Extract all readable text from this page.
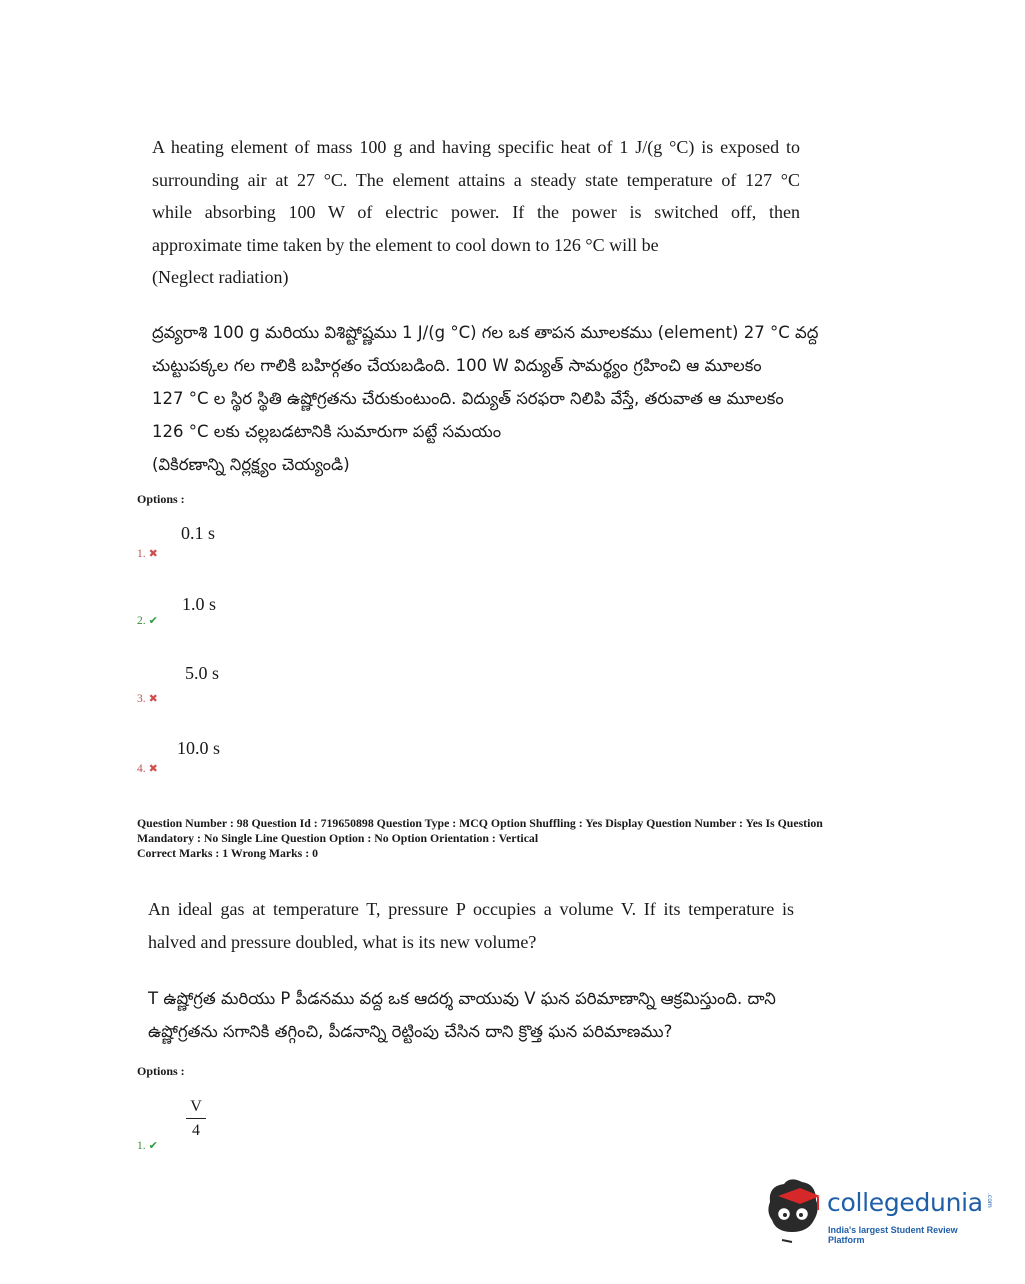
A heating element of mass 100 g and having specific heat of 1 J/(g °C) is exposed to
surrounding air at 27 °C. The element attains a steady state temperature of 127 °C
while absorbing 100 W of electric power. If the power is switched off, then
approximate time taken by the element to cool down to 126 °C will be
(Neglect radiation)
ద్రవ్యరాశి 100 g మరియు విశిష్టోష్ణము 1 J/(g °C) గల ఒక తాపన మూలకము (element) 27 °C వద్ద
చుట్టుపక్కల గల గాలికి బహిర్గతం చేయబడింది. 100 W విద్యుత్ సామర్థ్యం గ్రహించి ఆ మూలకం
127 °C ల స్థిర స్థితి ఉష్ణోగ్రతను చేరుకుంటుంది. విద్యుత్ సరఫరా నిలిపి వేస్తే, తరువాత ఆ మూలకం
126 °C లకు చల్లబడటానికి సుమారుగా పట్టే సమయం
(వికిరణాన్ని నిర్లక్ష్యం చెయ్యండి)
Options :
0.1 s
1. ✖
1.0 s
2. ✔
5.0 s
3. ✖
10.0 s
4. ✖
Question Number : 98 Question Id : 719650898 Question Type : MCQ Option Shuffling : Yes Display Question Number : Yes Is Question
Mandatory : No Single Line Question Option : No Option Orientation : Vertical
Correct Marks : 1 Wrong Marks : 0
An ideal gas at temperature T, pressure P occupies a volume V. If its temperature is
halved and pressure doubled, what is its new volume?
T ఉష్ణోగ్రత మరియు P పీడనము వద్ద ఒక ఆదర్శ వాయువు V ఘన పరిమాణాన్ని ఆక్రమిస్తుంది. దాని
ఉష్ణోగ్రతను సగానికి తగ్గించి, పీడనాన్ని రెట్టింపు చేసిన దాని క్రొత్త ఘన పరిమాణము?
Options :
$\frac{V}{4}$
1. ✔
collegedunia .com
India's largest Student Review Platform
